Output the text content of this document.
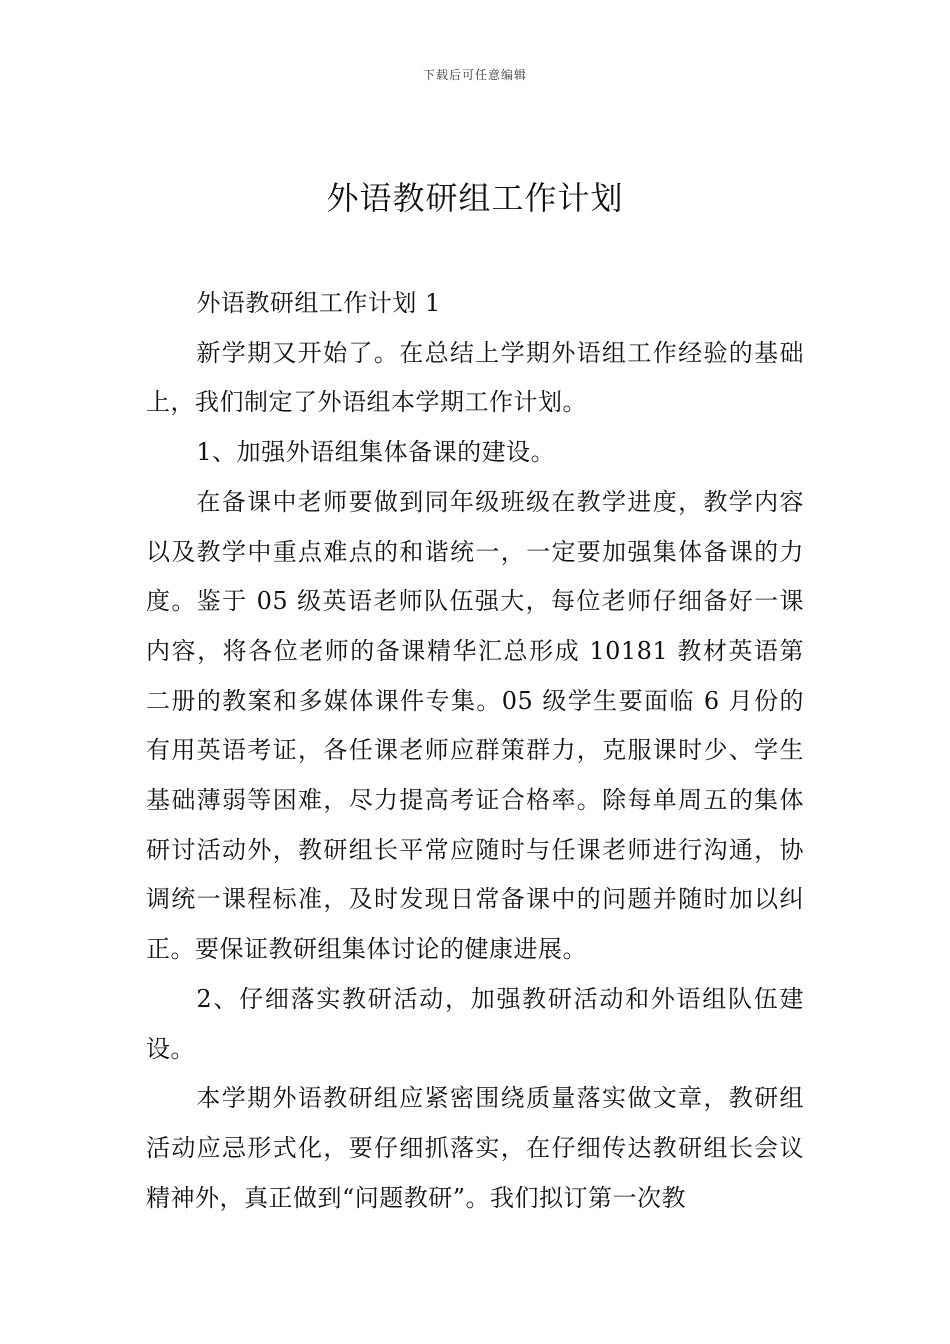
下载后可任意编辑
外语教研组工作计划

外语教研组工作计划 1

新学期又开始了。在总结上学期外语组工作经验的基础上，我们制定了外语组本学期工作计划。

1、加强外语组集体备课的建设。

在备课中老师要做到同年级班级在教学进度，教学内容以及教学中重点难点的和谐统一，一定要加强集体备课的力度。鉴于 05 级英语老师队伍强大，每位老师仔细备好一课内容，将各位老师的备课精华汇总形成 10181 教材英语第二册的教案和多媒体课件专集。05 级学生要面临 6 月份的有用英语考证，各任课老师应群策群力，克服课时少、学生基础薄弱等困难，尽力提高考证合格率。除每单周五的集体研讨活动外，教研组长平常应随时与任课老师进行沟通，协调统一课程标准，及时发现日常备课中的问题并随时加以纠正。要保证教研组集体讨论的健康进展。

2、仔细落实教研活动，加强教研活动和外语组队伍建设。

本学期外语教研组应紧密围绕质量落实做文章，教研组活动应忌形式化，要仔细抓落实，在仔细传达教研组长会议精神外，真正做到“问题教研”。我们拟订第一次教
